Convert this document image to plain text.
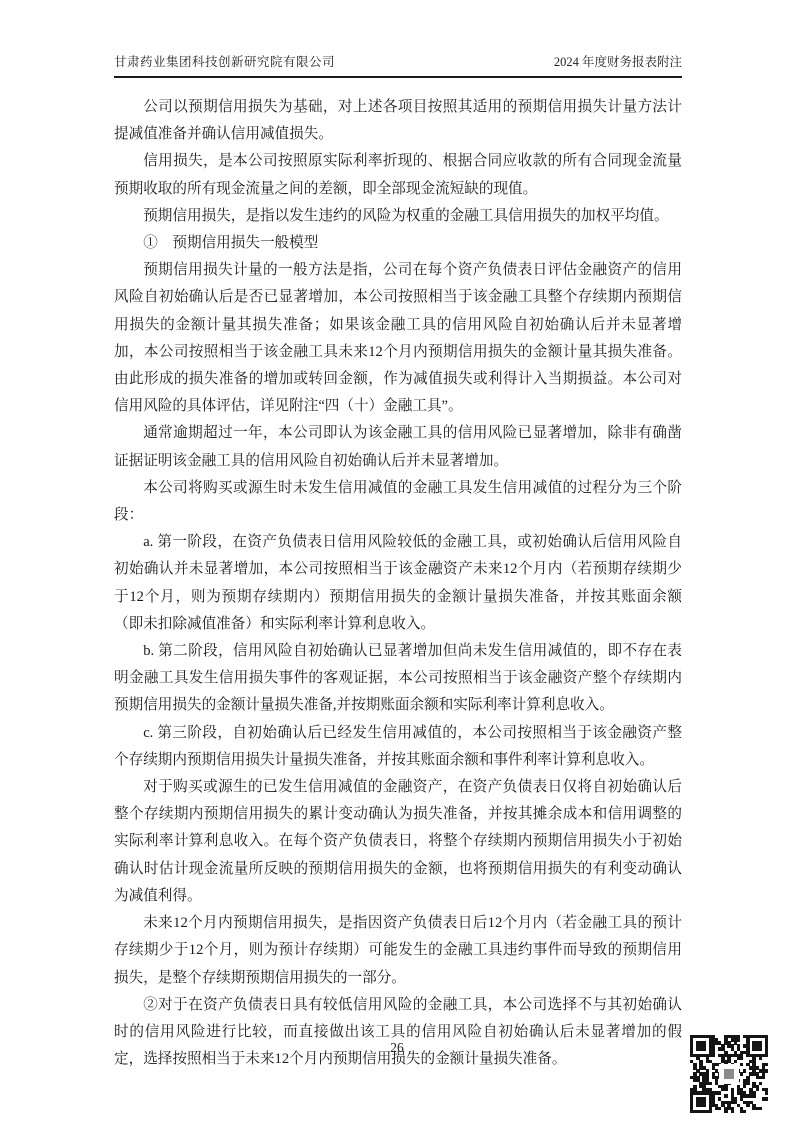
甘肃药业集团科技创新研究院有限公司	2024 年度财务报表附注

公司以预期信用损失为基础，对上述各项目按照其适用的预期信用损失计量方法计提减值准备并确认信用减值损失。

信用损失，是本公司按照原实际利率折现的、根据合同应收款的所有合同现金流量预期收取的所有现金流量之间的差额，即全部现金流短缺的现值。

预期信用损失，是指以发生违约的风险为权重的金融工具信用损失的加权平均值。

①　预期信用损失一般模型

预期信用损失计量的一般方法是指，公司在每个资产负债表日评估金融资产的信用风险自初始确认后是否已显著增加，本公司按照相当于该金融工具整个存续期内预期信用损失的金额计量其损失准备；如果该金融工具的信用风险自初始确认后并未显著增加，本公司按照相当于该金融工具未来12个月内预期信用损失的金额计量其损失准备。由此形成的损失准备的增加或转回金额，作为减值损失或利得计入当期损益。本公司对信用风险的具体评估，详见附注“四（十）金融工具”。

通常逾期超过一年，本公司即认为该金融工具的信用风险已显著增加，除非有确凿证据证明该金融工具的信用风险自初始确认后并未显著增加。

本公司将购买或源生时未发生信用减值的金融工具发生信用减值的过程分为三个阶段：

a. 第一阶段，在资产负债表日信用风险较低的金融工具，或初始确认后信用风险自初始确认并未显著增加，本公司按照相当于该金融资产未来12个月内（若预期存续期少于12个月，则为预期存续期内）预期信用损失的金额计量损失准备，并按其账面余额（即未扣除减值准备）和实际利率计算利息收入。

b. 第二阶段，信用风险自初始确认已显著增加但尚未发生信用减值的，即不存在表明金融工具发生信用损失事件的客观证据，本公司按照相当于该金融资产整个存续期内预期信用损失的金额计量损失准备,并按期账面余额和实际利率计算利息收入。

c. 第三阶段，自初始确认后已经发生信用减值的，本公司按照相当于该金融资产整个存续期内预期信用损失计量损失准备，并按其账面余额和事件利率计算利息收入。

对于购买或源生的已发生信用减值的金融资产，在资产负债表日仅将自初始确认后整个存续期内预期信用损失的累计变动确认为损失准备，并按其摊余成本和信用调整的实际利率计算利息收入。在每个资产负债表日，将整个存续期内预期信用损失小于初始确认时估计现金流量所反映的预期信用损失的金额，也将预期信用损失的有利变动确认为减值利得。

未来12个月内预期信用损失，是指因资产负债表日后12个月内（若金融工具的预计存续期少于12个月，则为预计存续期）可能发生的金融工具违约事件而导致的预期信用损失，是整个存续期预期信用损失的一部分。

②对于在资产负债表日具有较低信用风险的金融工具，本公司选择不与其初始确认时的信用风险进行比较，而直接做出该工具的信用风险自初始确认后未显著增加的假定，选择按照相当于未来12个月内预期信用损失的金额计量损失准备。

26
